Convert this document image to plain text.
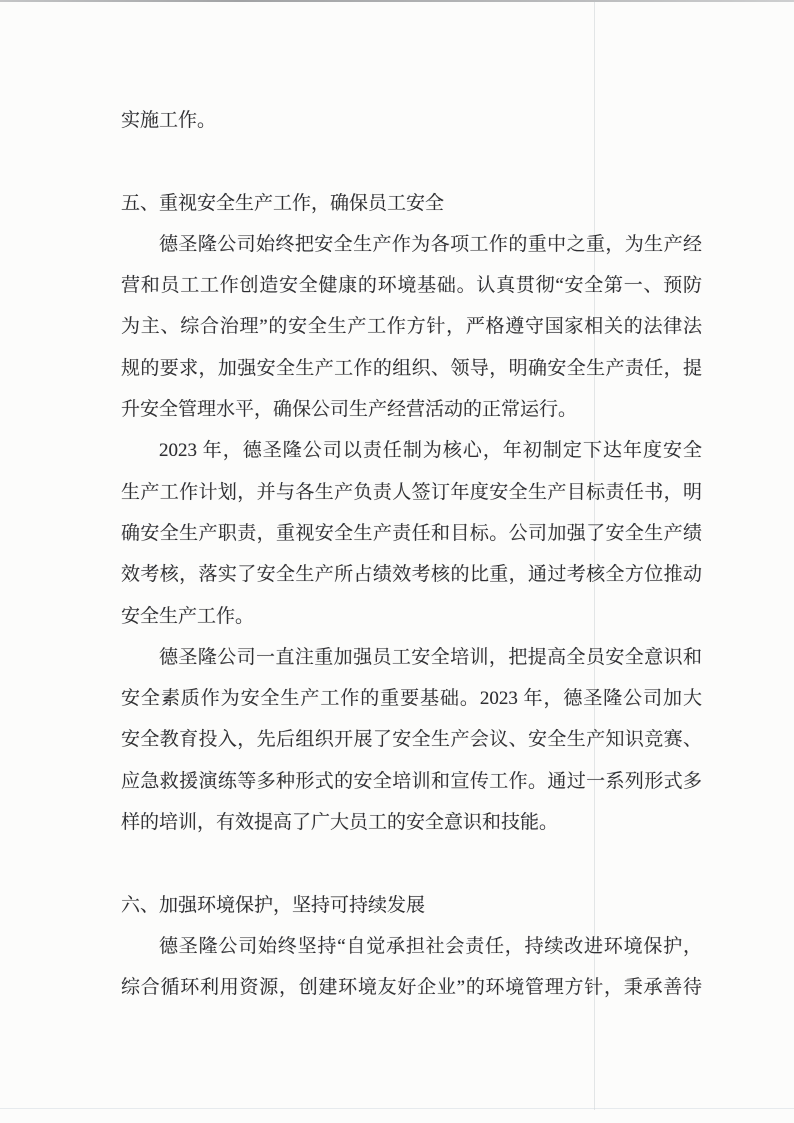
实施工作。
五、重视安全生产工作，确保员工安全
德圣隆公司始终把安全生产作为各项工作的重中之重，为生产经
营和员工工作创造安全健康的环境基础。认真贯彻“安全第一、预防
为主、综合治理”的安全生产工作方针，严格遵守国家相关的法律法
规的要求，加强安全生产工作的组织、领导，明确安全生产责任，提
升安全管理水平，确保公司生产经营活动的正常运行。
2023 年，德圣隆公司以责任制为核心，年初制定下达年度安全
生产工作计划，并与各生产负责人签订年度安全生产目标责任书，明
确安全生产职责，重视安全生产责任和目标。公司加强了安全生产绩
效考核，落实了安全生产所占绩效考核的比重，通过考核全方位推动
安全生产工作。
德圣隆公司一直注重加强员工安全培训，把提高全员安全意识和
安全素质作为安全生产工作的重要基础。2023 年，德圣隆公司加大
安全教育投入，先后组织开展了安全生产会议、安全生产知识竞赛、
应急救援演练等多种形式的安全培训和宣传工作。通过一系列形式多
样的培训，有效提高了广大员工的安全意识和技能。
六、加强环境保护，坚持可持续发展
德圣隆公司始终坚持“自觉承担社会责任，持续改进环境保护，
综合循环利用资源，创建环境友好企业”的环境管理方针，秉承善待
